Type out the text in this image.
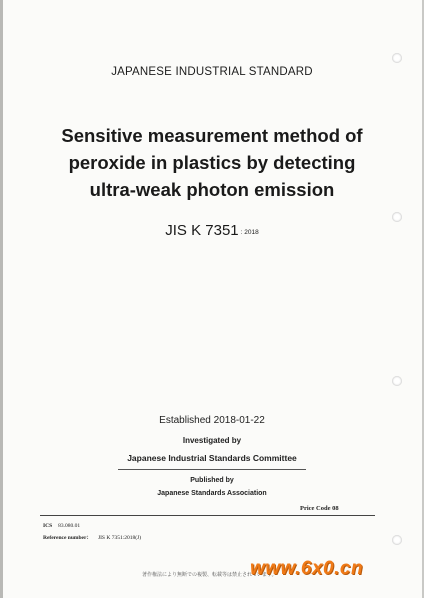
JAPANESE INDUSTRIAL STANDARD
Sensitive measurement method of
peroxide in plastics by detecting
ultra-weak photon emission
JIS K 7351 : 2018
Established 2018-01-22
Investigated by
Japanese Industrial Standards Committee
Published by
Japanese Standards Association
Price Code 08
ICS 83.080.01
Reference number： JIS K 7351:2018(J)
著作権法により無断での複製、転載等は禁止されています。
www.6x0.cn
